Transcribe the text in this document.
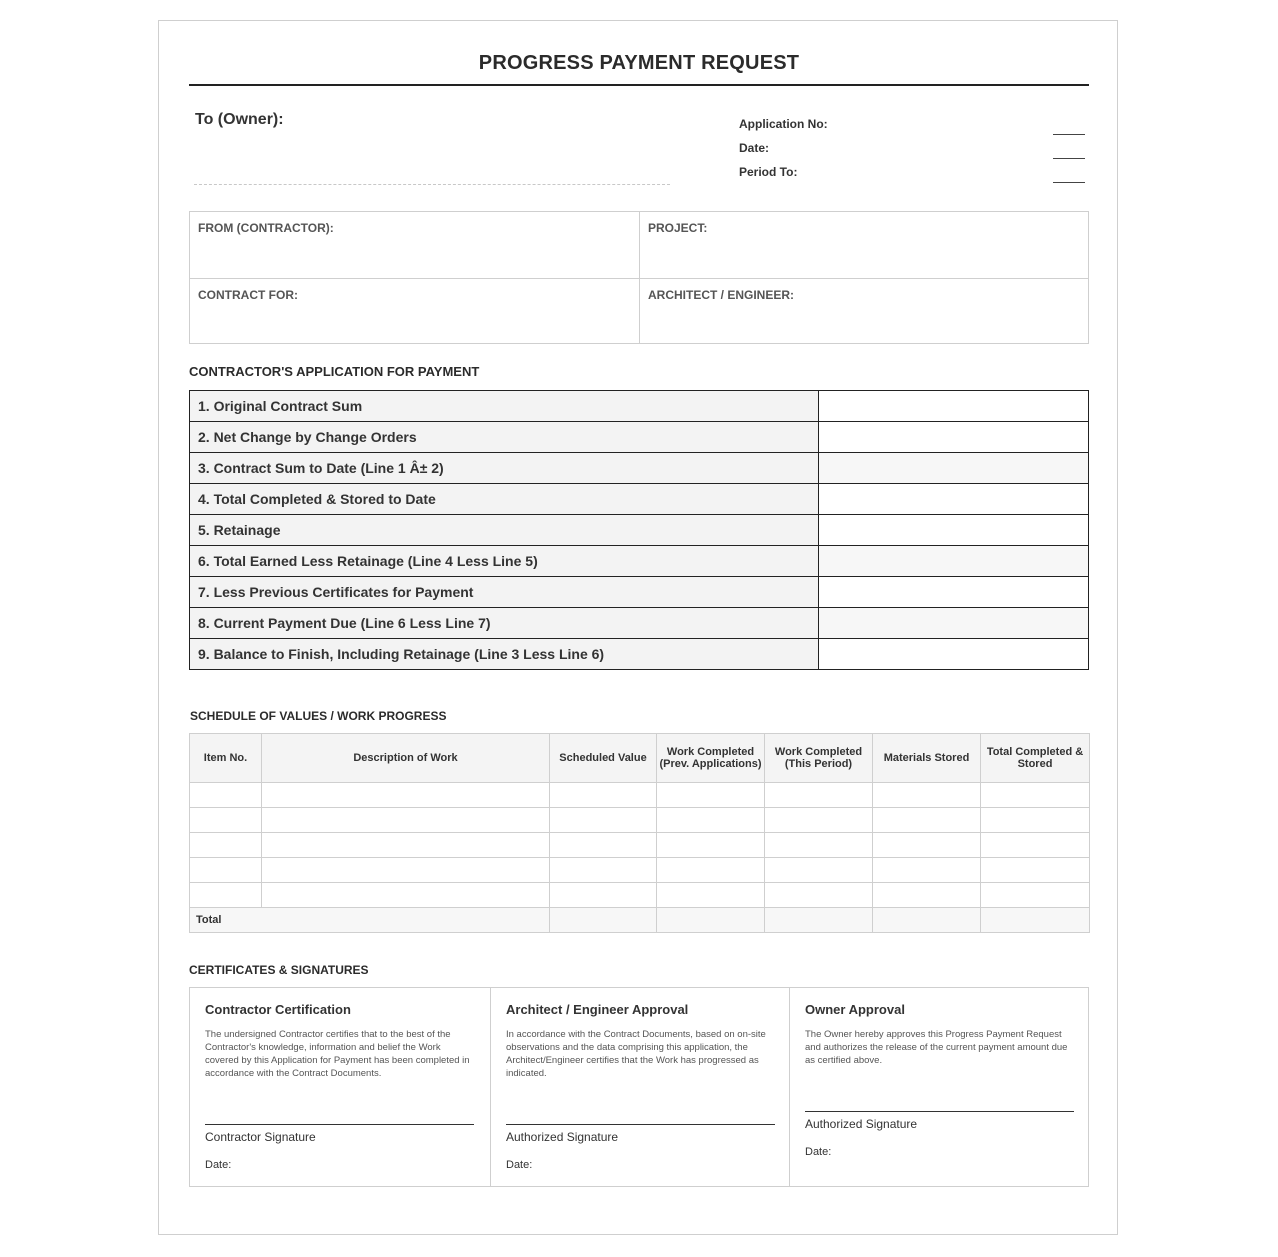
PROGRESS PAYMENT REQUEST
To (Owner):	Application No:
Date:
Period To:
FROM (CONTRACTOR):	PROJECT:
CONTRACT FOR:	ARCHITECT / ENGINEER:
CONTRACTOR'S APPLICATION FOR PAYMENT
1. Original Contract Sum	
2. Net Change by Change Orders	
3. Contract Sum to Date (Line 1 Â± 2)	
4. Total Completed & Stored to Date	
5. Retainage	
6. Total Earned Less Retainage (Line 4 Less Line 5)	
7. Less Previous Certificates for Payment	
8. Current Payment Due (Line 6 Less Line 7)	
9. Balance to Finish, Including Retainage (Line 3 Less Line 6)	
SCHEDULE OF VALUES / WORK PROGRESS
Item No.	Description of Work	Scheduled Value	Work Completed (Prev. Applications)	Work Completed (This Period)	Materials Stored	Total Completed & Stored

Total						
CERTIFICATES & SIGNATURES
Contractor Certification

The undersigned Contractor certifies that to the best of the Contractor's knowledge, information and belief the Work covered by this Application for Payment has been completed in accordance with the Contract Documents.

Contractor Signature
Date:
Architect / Engineer Approval

In accordance with the Contract Documents, based on on-site observations and the data comprising this application, the Architect/Engineer certifies that the Work has progressed as indicated.

Authorized Signature
Date:
Owner Approval

The Owner hereby approves this Progress Payment Request and authorizes the release of the current payment amount due as certified above.

Authorized Signature
Date:
